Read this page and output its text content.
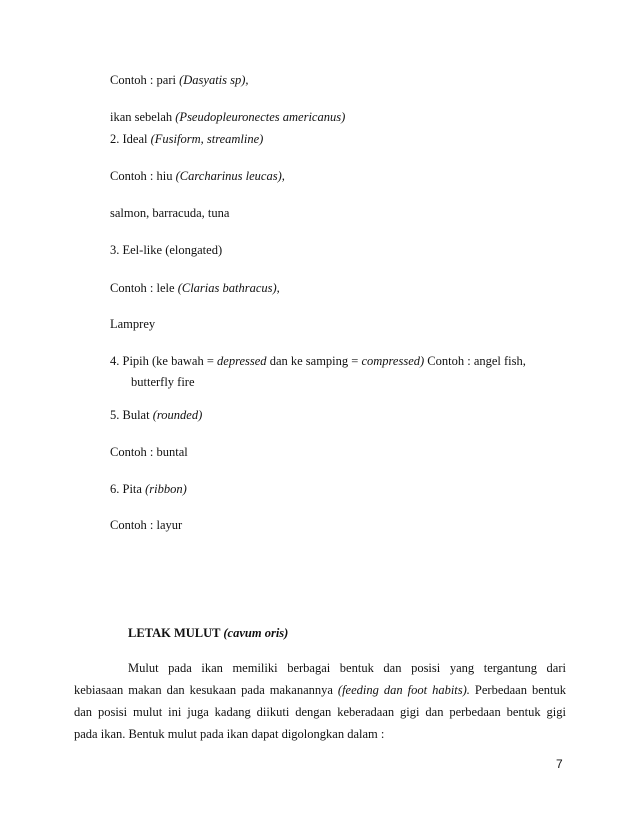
Contoh : pari (Dasyatis sp),
ikan sebelah (Pseudopleuronectes americanus)
2. Ideal (Fusiform, streamline)
Contoh : hiu (Carcharinus leucas),
salmon, barracuda, tuna
3. Eel-like (elongated)
Contoh : lele (Clarias bathracus),
Lamprey
4. Pipih (ke bawah = depressed dan ke samping = compressed) Contoh : angel fish,
butterfly fire
5. Bulat (rounded)
Contoh : buntal
6. Pita (ribbon)
Contoh : layur
LETAK MULUT (cavum oris)
Mulut pada ikan memiliki berbagai bentuk dan posisi yang tergantung dari
kebiasaan makan dan kesukaan pada makanannya (feeding dan foot habits). Perbedaan bentuk
dan posisi mulut ini juga kadang diikuti dengan keberadaan gigi dan perbedaan bentuk gigi
pada ikan. Bentuk mulut pada ikan dapat digolongkan dalam :
7
